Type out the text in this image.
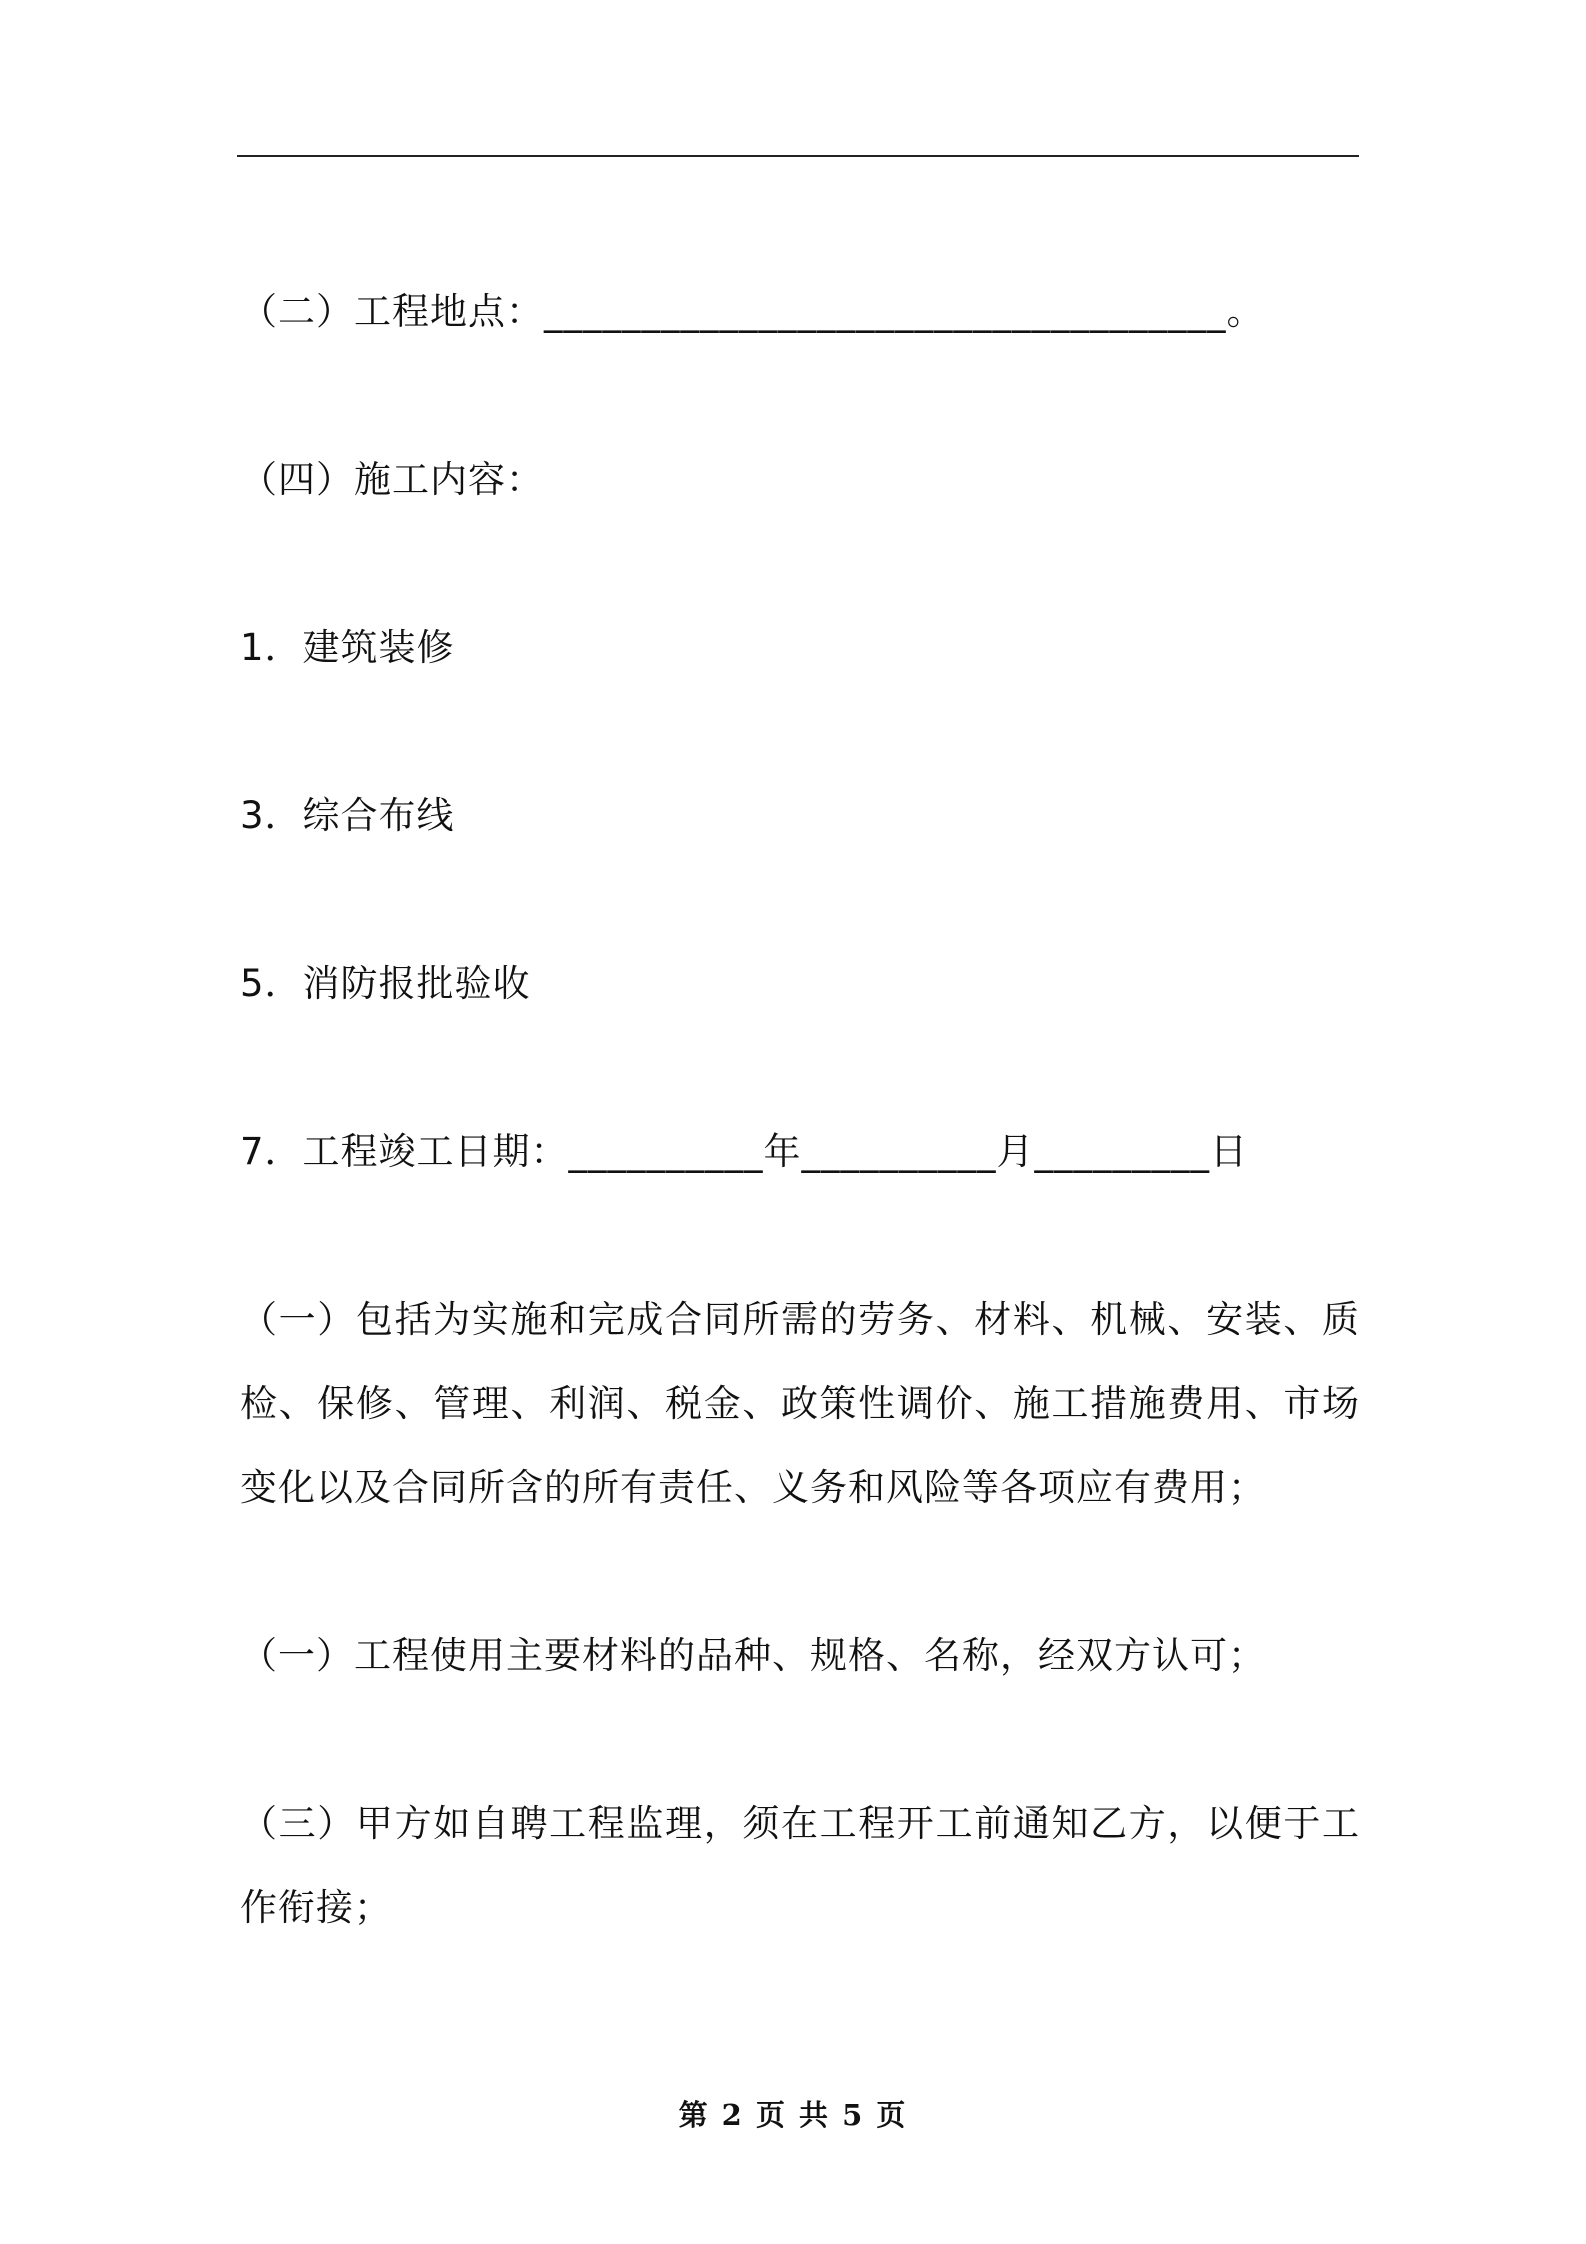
（二）工程地点：___________________________________。
（四）施工内容：
1．建筑装修
3．综合布线
5．消防报批验收
7．工程竣工日期：__________年__________月_________日
（一）包括为实施和完成合同所需的劳务、材料、机械、安装、质检、保修、管理、利润、税金、政策性调价、施工措施费用、市场变化以及合同所含的所有责任、义务和风险等各项应有费用；
（一）工程使用主要材料的品种、规格、名称，经双方认可；
（三）甲方如自聘工程监理，须在工程开工前通知乙方，以便于工作衔接；
第 2 页 共 5 页
